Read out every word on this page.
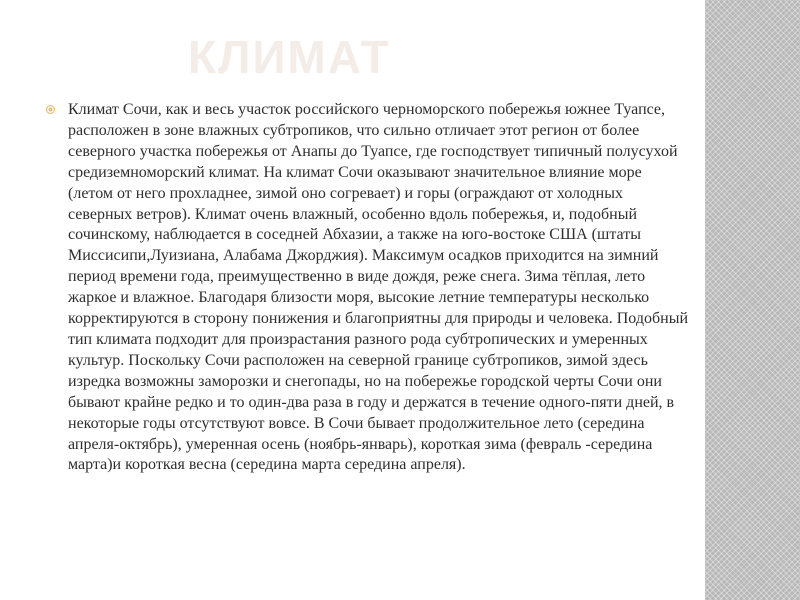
КЛИМАТ

Климат Сочи, как и весь участок российского черноморского побережья южнее Туапсе, расположен в зоне влажных субтропиков, что сильно отличает этот регион от более северного участка побережья от Анапы до Туапсе, где господствует типичный полусухой средиземноморский климат. На климат Сочи оказывают значительное влияние море (летом от него прохладнее, зимой оно согревает) и горы (ограждают от холодных северных ветров). Климат очень влажный, особенно вдоль побережья, и, подобный сочинскому, наблюдается в соседней Абхазии, а также на юго-востоке США (штаты Миссисипи,Луизиана, Алабама Джорджия). Максимум осадков приходится на зимний период времени года, преимущественно в виде дождя, реже снега. Зима тёплая, лето жаркое и влажное. Благодаря близости моря, высокие летние температуры несколько корректируются в сторону понижения и благоприятны для природы и человека. Подобный тип климата подходит для произрастания разного рода субтропических и умеренных культур. Поскольку Сочи расположен на северной границе субтропиков, зимой здесь изредка возможны заморозки и снегопады, но на побережье городской черты Сочи они бывают крайне редко и то один-два раза в году и держатся в течение одного-пяти дней, в некоторые годы отсутствуют вовсе. В Сочи бывает продолжительное лето (середина апреля-октябрь), умеренная осень (ноябрь-январь), короткая зима (февраль -середина марта)и короткая весна (середина марта середина апреля).
